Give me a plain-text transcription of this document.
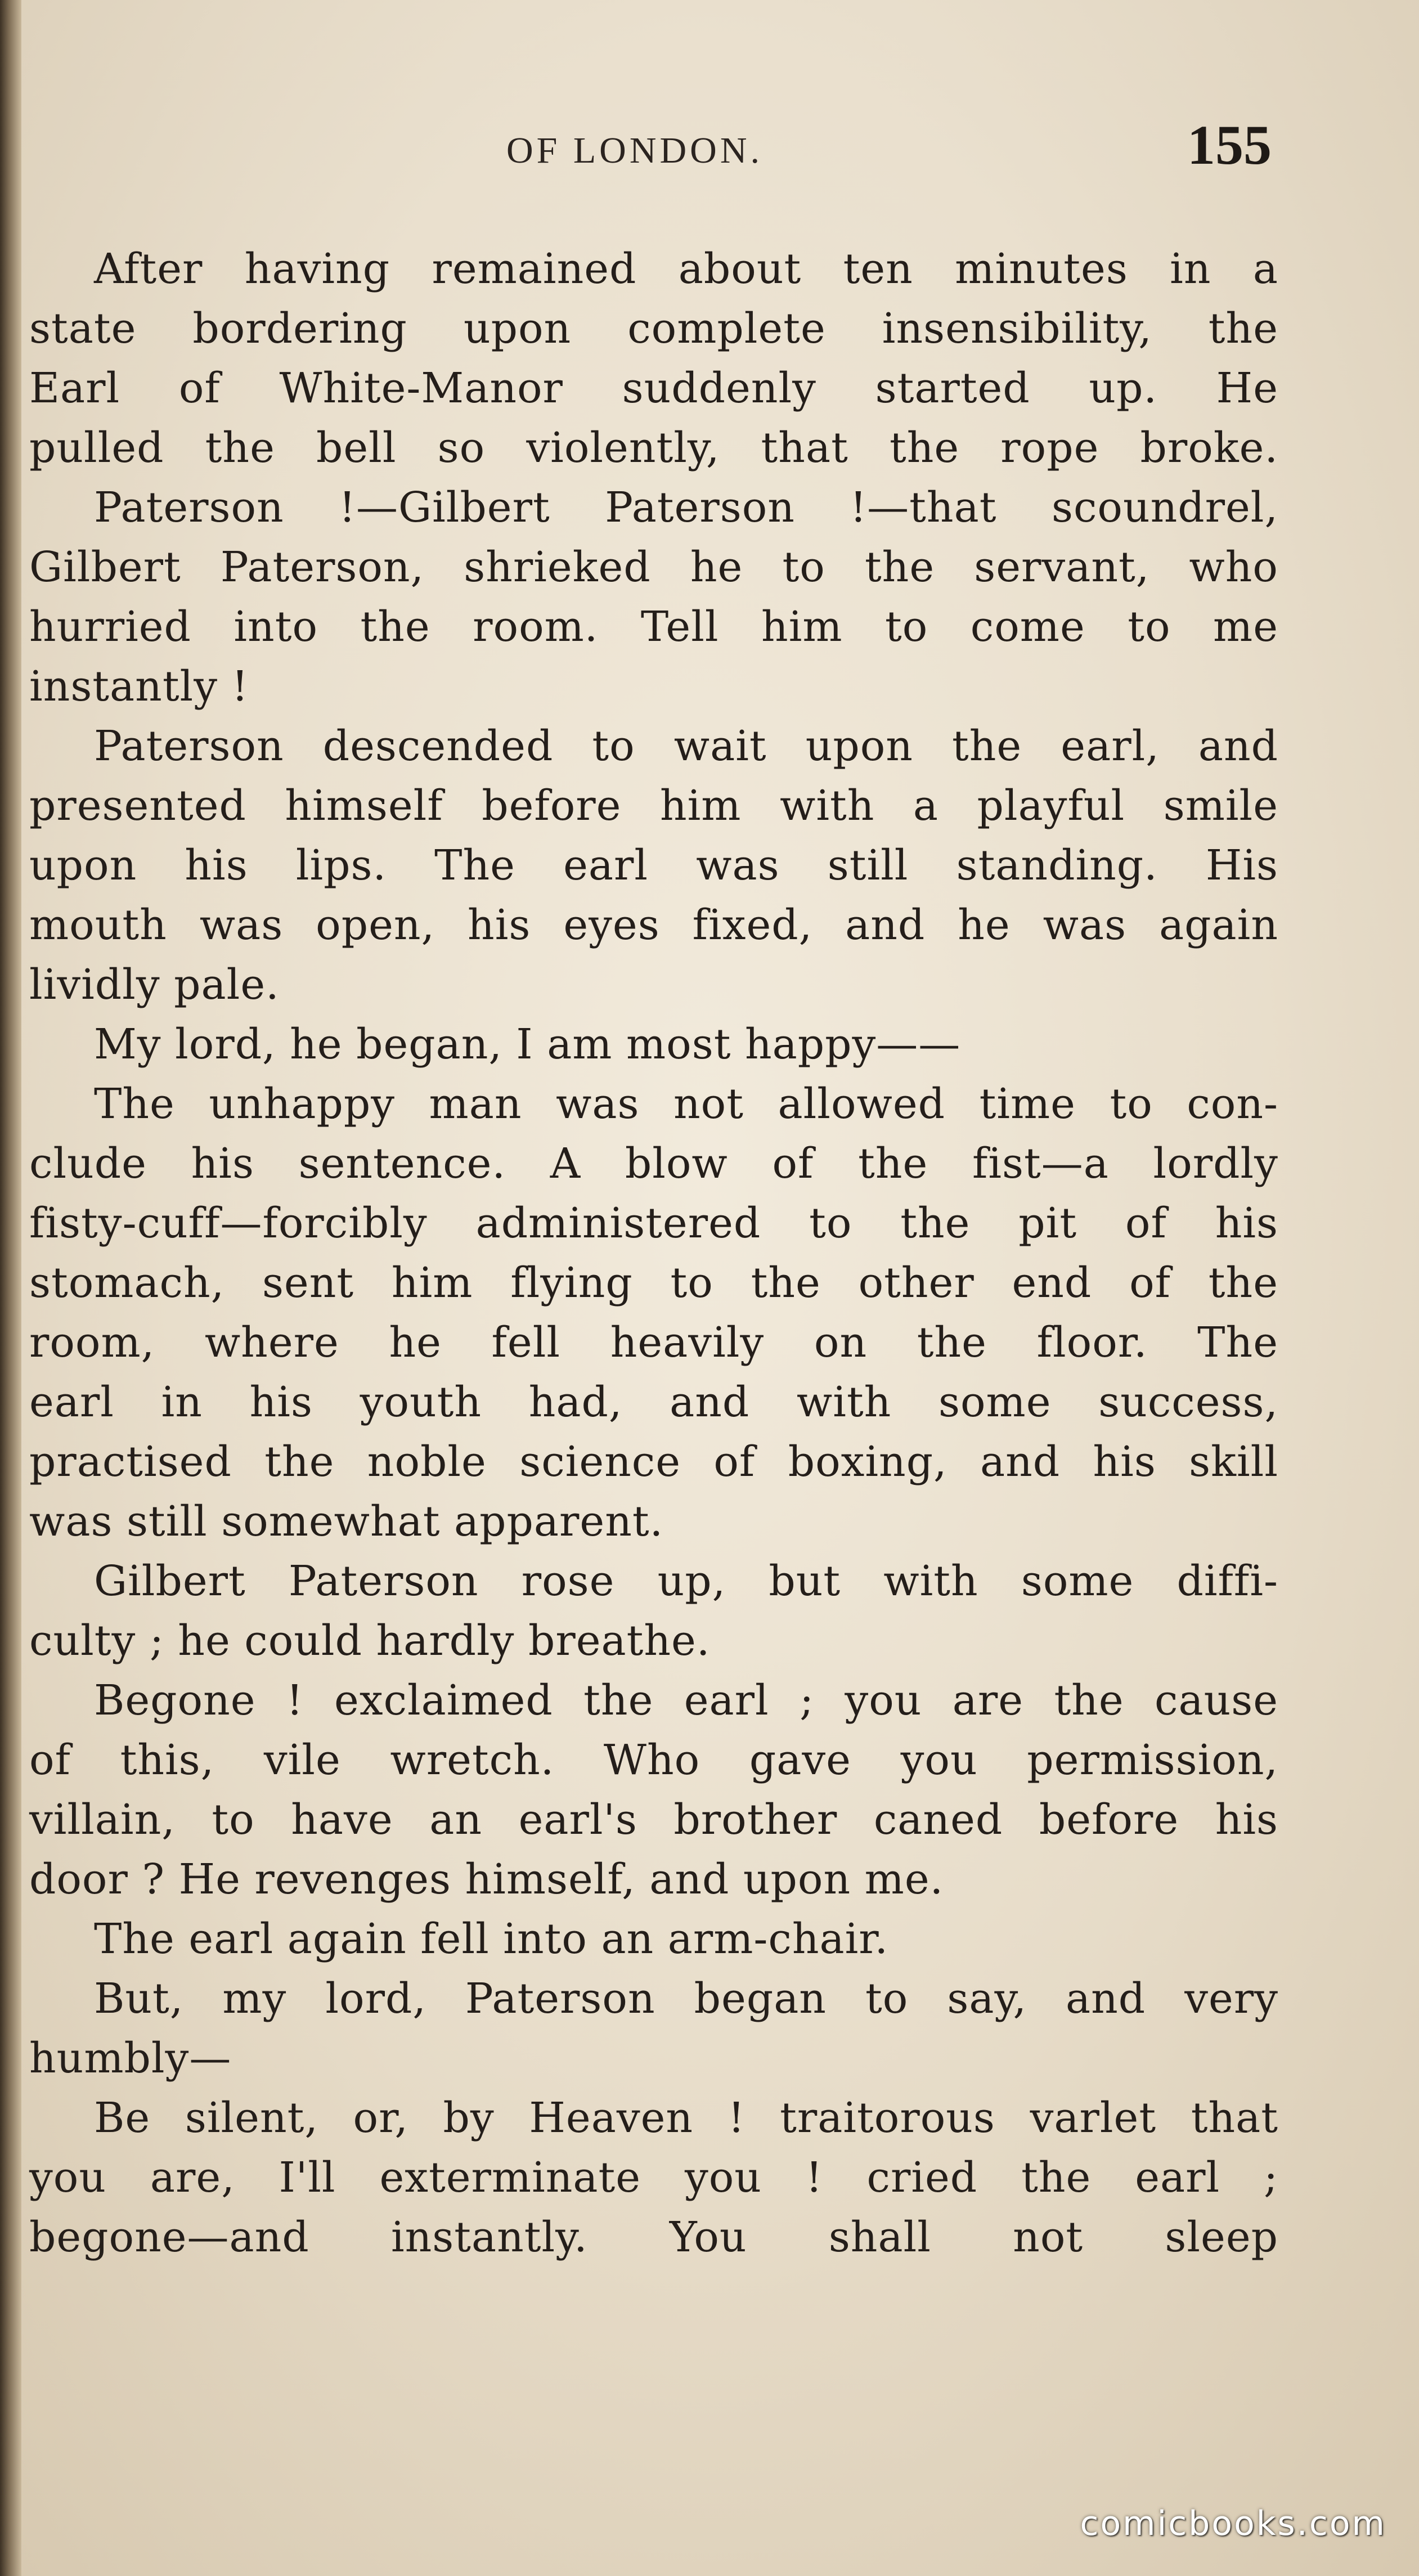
OF LONDON.	155
After having remained about ten minutes in a
state bordering upon complete insensibility, the
Earl of White-Manor suddenly started up. He
pulled the bell so violently, that the rope broke.
Paterson !—Gilbert Paterson !—that scoundrel,
Gilbert Paterson, shrieked he to the servant, who
hurried into the room. Tell him to come to me
instantly !
Paterson descended to wait upon the earl, and
presented himself before him with a playful smile
upon his lips. The earl was still standing. His
mouth was open, his eyes fixed, and he was again
lividly pale.
My lord, he began, I am most happy——
The unhappy man was not allowed time to con-
clude his sentence. A blow of the fist—a lordly
fisty-cuff—forcibly administered to the pit of his
stomach, sent him flying to the other end of the
room, where he fell heavily on the floor. The
earl in his youth had, and with some success,
practised the noble science of boxing, and his skill
was still somewhat apparent.
Gilbert Paterson rose up, but with some diffi-
culty ; he could hardly breathe.
Begone ! exclaimed the earl ; you are the cause
of this, vile wretch. Who gave you permission,
villain, to have an earl's brother caned before his
door ? He revenges himself, and upon me.
The earl again fell into an arm-chair.
But, my lord, Paterson began to say, and very
humbly—
Be silent, or, by Heaven ! traitorous varlet that
you are, I'll exterminate you ! cried the earl ;
begone—and instantly. You shall not sleep
comicbooks.com
